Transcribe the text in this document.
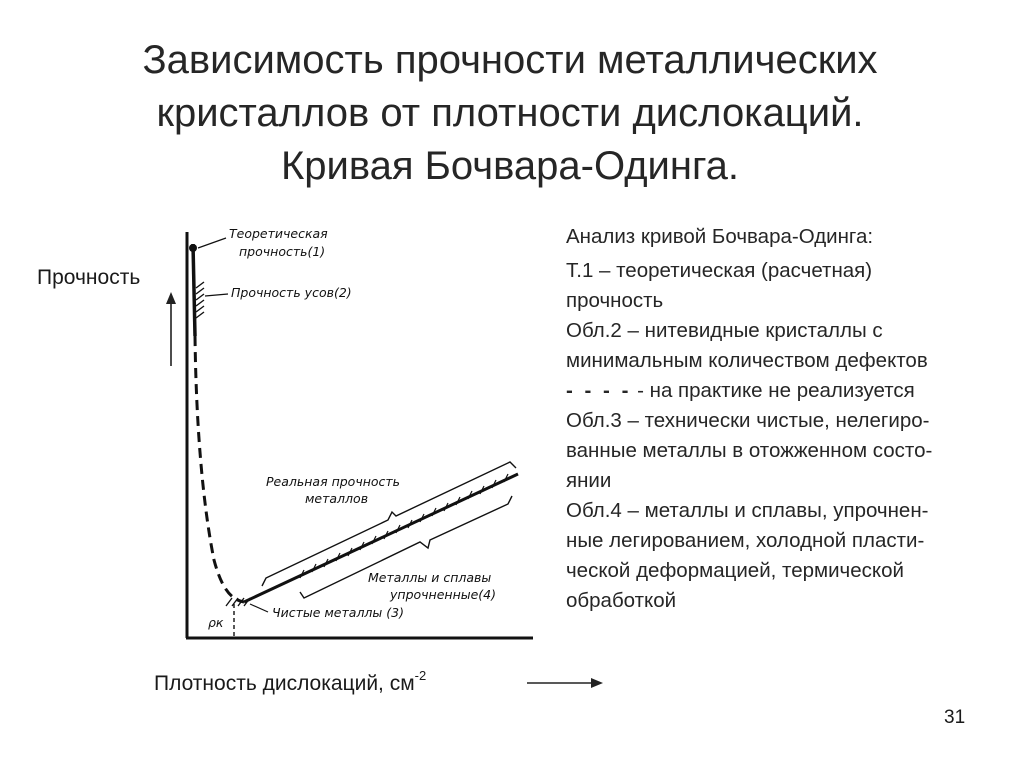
Зависимость прочности металлических
кристаллов от плотности дислокаций.
Кривая Бочвара-Одинга.
Прочность
Теоретическая
прочность(1)
Прочность усов(2)
Реальная прочность
металлов
Металлы и сплавы
упрочненные(4)
Чистые металлы (3)
ρк
Плотность дислокаций, $см^{-2}$

Анализ кривой Бочвара-Одинга:

Т.1 – теоретическая (расчетная)

прочность

Обл.2 – нитевидные кристаллы с

минимальным количеством дефектов

- - - - - на практике не реализуется

Обл.3 – технически чистые, нелегиро-

ванные металлы в отожженном состо-

янии

Обл.4 – металлы и сплавы, упрочнен-

ные легированием, холодной пласти-

ческой деформацией, термической

обработкой

31
